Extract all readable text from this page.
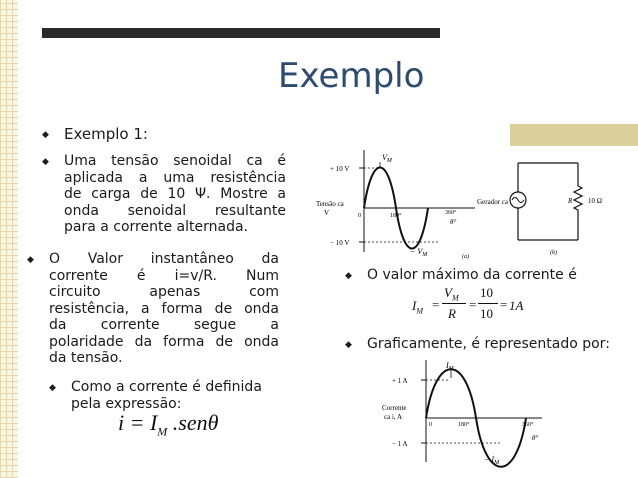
Exemplo
◆ Exemplo 1:
◆ Uma tensão senoidal ca é
aplicada a uma resistência
de carga de 10 Ψ. Mostre a
onda senoidal resultante
para a corrente alternada.
◆ O Valor instantâneo da
corrente é i=v/R. Num
circuito apenas com
resistência, a forma de onda
da corrente segue a
polaridade da forma de onda
da tensão.
◆ Como a corrente é definida
pela expressão:
$i = I_M$ .senθ
$V_M$
+ 10 V
− 10 V
Tensão ca
V	0	180°	360°
θ°
− $V_M$	(a)
Gerador ca	R 10 Ω
(b)
◆ O valor máximo da corrente é
$I_M$ =
$V_M$
R
=
10
10
= 1A
◆ Graficamente, é representado por:
$I_M$
+ 1 A
− 1 A
Corrente
ca i, A
0	180°	360°
θ°
− $I_M$
